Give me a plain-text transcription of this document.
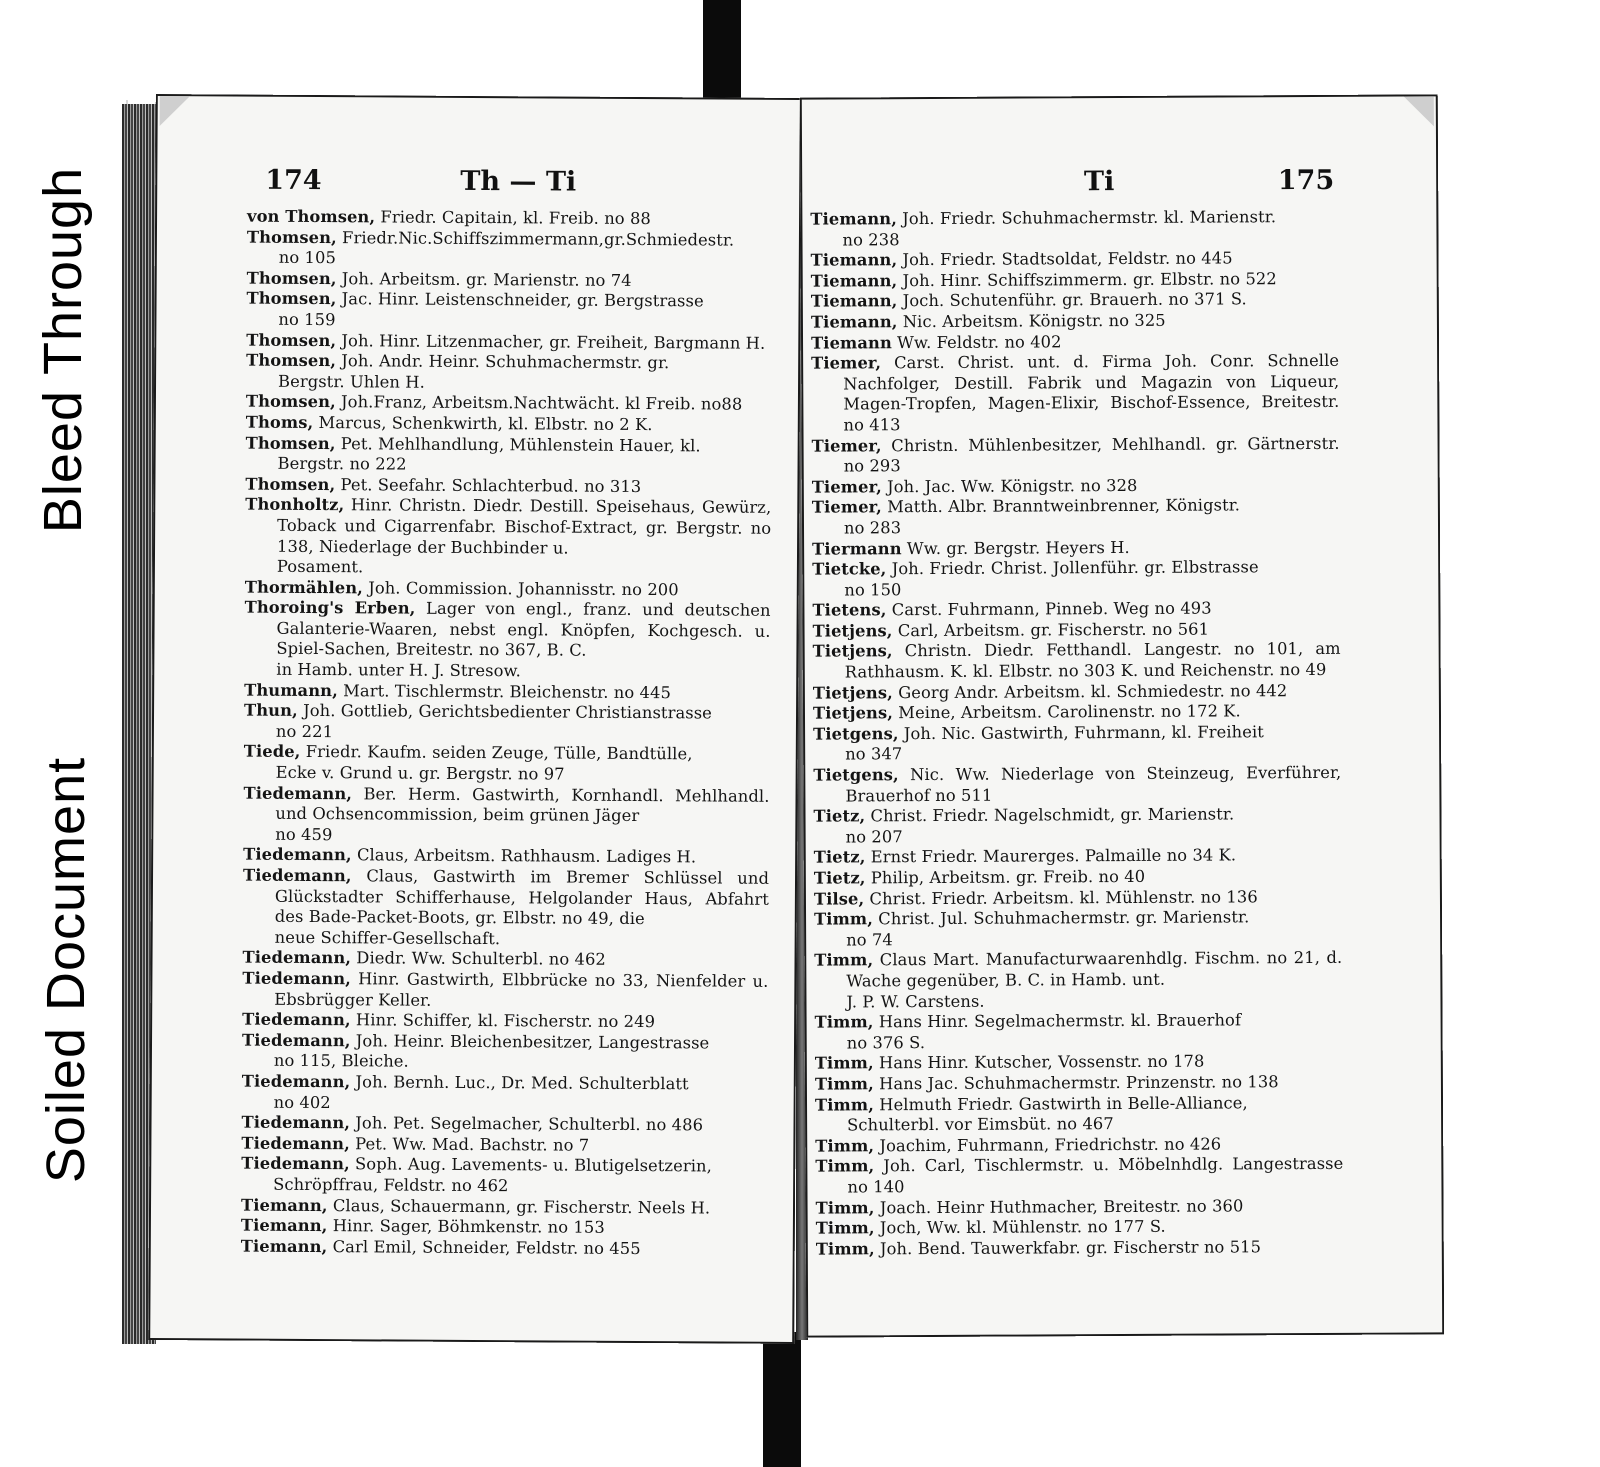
Bleed Through
Soiled Document
174	Th — Ti
von Thomsen, Friedr. Capitain, kl. Freib. no 88
Thomsen, Friedr.Nic.Schiffszimmermann,gr.Schmiedestr.
no 105
Thomsen, Joh. Arbeitsm. gr. Marienstr. no 74
Thomsen, Jac. Hinr. Leistenschneider, gr. Bergstrasse
no 159
Thomsen, Joh. Hinr. Litzenmacher, gr. Freiheit, Bargmann H.
Thomsen, Joh. Andr. Heinr. Schuhmachermstr. gr.
Bergstr. Uhlen H.
Thomsen, Joh.Franz, Arbeitsm.Nachtwächt. kl Freib. no88
Thoms, Marcus, Schenkwirth, kl. Elbstr. no 2 K.
Thomsen, Pet. Mehlhandlung, Mühlenstein Hauer, kl.
Bergstr. no 222
Thomsen, Pet. Seefahr. Schlachterbud. no 313
Thonholtz, Hinr. Christn. Diedr. Destill. Speisehaus, Gewürz, Toback und Cigarrenfabr. Bischof-Extract, gr. Bergstr. no 138, Niederlage der Buchbinder u.
Posament.
Thormählen, Joh. Commission. Johannisstr. no 200
Thoroing's Erben, Lager von engl., franz. und deutschen Galanterie-Waaren, nebst engl. Knöpfen, Kochgesch. u. Spiel-Sachen, Breitestr. no 367, B. C.
in Hamb. unter H. J. Stresow.
Thumann, Mart. Tischlermstr. Bleichenstr. no 445
Thun, Joh. Gottlieb, Gerichtsbedienter Christianstrasse
no 221
Tiede, Friedr. Kaufm. seiden Zeuge, Tülle, Bandtülle,
Ecke v. Grund u. gr. Bergstr. no 97
Tiedemann, Ber. Herm. Gastwirth, Kornhandl. Mehlhandl. und Ochsencommission, beim grünen Jäger
no 459
Tiedemann, Claus, Arbeitsm. Rathhausm. Ladiges H.
Tiedemann, Claus, Gastwirth im Bremer Schlüssel und Glückstadter Schifferhause, Helgolander Haus, Abfahrt des Bade-Packet-Boots, gr. Elbstr. no 49, die
neue Schiffer-Gesellschaft.
Tiedemann, Diedr. Ww. Schulterbl. no 462
Tiedemann, Hinr. Gastwirth, Elbbrücke no 33, Nienfelder u. Ebsbrügger Keller.
Tiedemann, Hinr. Schiffer, kl. Fischerstr. no 249
Tiedemann, Joh. Heinr. Bleichenbesitzer, Langestrasse
no 115, Bleiche.
Tiedemann, Joh. Bernh. Luc., Dr. Med. Schulterblatt
no 402
Tiedemann, Joh. Pet. Segelmacher, Schulterbl. no 486
Tiedemann, Pet. Ww. Mad. Bachstr. no 7
Tiedemann, Soph. Aug. Lavements- u. Blutigelsetzerin,
Schröpffrau, Feldstr. no 462
Tiemann, Claus, Schauermann, gr. Fischerstr. Neels H.
Tiemann, Hinr. Sager, Böhmkenstr. no 153
Tiemann, Carl Emil, Schneider, Feldstr. no 455
Ti	175
Tiemann, Joh. Friedr. Schuhmachermstr. kl. Marienstr.
no 238
Tiemann, Joh. Friedr. Stadtsoldat, Feldstr. no 445
Tiemann, Joh. Hinr. Schiffszimmerm. gr. Elbstr. no 522
Tiemann, Joch. Schutenführ. gr. Brauerh. no 371 S.
Tiemann, Nic. Arbeitsm. Königstr. no 325
Tiemann Ww. Feldstr. no 402
Tiemer, Carst. Christ. unt. d. Firma Joh. Conr. Schnelle Nachfolger, Destill. Fabrik und Magazin von Liqueur, Magen-Tropfen, Magen-Elixir, Bischof-Essence, Breitestr. no 413
Tiemer, Christn. Mühlenbesitzer, Mehlhandl. gr. Gärtnerstr. no 293
Tiemer, Joh. Jac. Ww. Königstr. no 328
Tiemer, Matth. Albr. Branntweinbrenner, Königstr.
no 283
Tiermann Ww. gr. Bergstr. Heyers H.
Tietcke, Joh. Friedr. Christ. Jollenführ. gr. Elbstrasse
no 150
Tietens, Carst. Fuhrmann, Pinneb. Weg no 493
Tietjens, Carl, Arbeitsm. gr. Fischerstr. no 561
Tietjens, Christn. Diedr. Fetthandl. Langestr. no 101, am Rathhausm. K. kl. Elbstr. no 303 K. und Reichenstr. no 49
Tietjens, Georg Andr. Arbeitsm. kl. Schmiedestr. no 442
Tietjens, Meine, Arbeitsm. Carolinenstr. no 172 K.
Tietgens, Joh. Nic. Gastwirth, Fuhrmann, kl. Freiheit
no 347
Tietgens, Nic. Ww. Niederlage von Steinzeug, Everführer, Brauerhof no 511
Tietz, Christ. Friedr. Nagelschmidt, gr. Marienstr.
no 207
Tietz, Ernst Friedr. Maurerges. Palmaille no 34 K.
Tietz, Philip, Arbeitsm. gr. Freib. no 40
Tilse, Christ. Friedr. Arbeitsm. kl. Mühlenstr. no 136
Timm, Christ. Jul. Schuhmachermstr. gr. Marienstr.
no 74
Timm, Claus Mart. Manufacturwaarenhdlg. Fischm. no 21, d. Wache gegenüber, B. C. in Hamb. unt.
J. P. W. Carstens.
Timm, Hans Hinr. Segelmachermstr. kl. Brauerhof
no 376 S.
Timm, Hans Hinr. Kutscher, Vossenstr. no 178
Timm, Hans Jac. Schuhmachermstr. Prinzenstr. no 138
Timm, Helmuth Friedr. Gastwirth in Belle-Alliance,
Schulterbl. vor Eimsbüt. no 467
Timm, Joachim, Fuhrmann, Friedrichstr. no 426
Timm, Joh. Carl, Tischlermstr. u. Möbelnhdlg. Langestrasse no 140
Timm, Joach. Heinr Huthmacher, Breitestr. no 360
Timm, Joch, Ww. kl. Mühlenstr. no 177 S.
Timm, Joh. Bend. Tauwerkfabr. gr. Fischerstr no 515
